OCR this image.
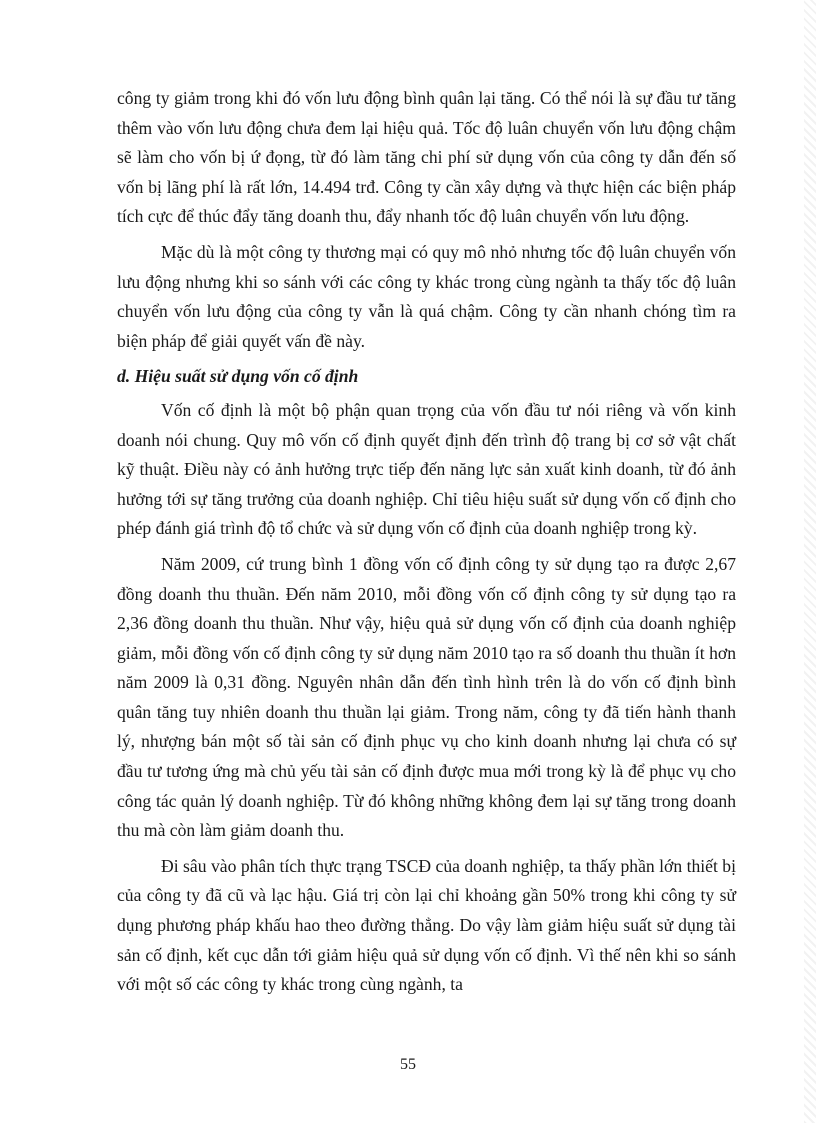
công ty giảm trong khi đó vốn lưu động bình quân lại tăng. Có thể nói là sự đầu tư tăng thêm vào vốn lưu động chưa đem lại hiệu quả. Tốc độ luân chuyển vốn lưu động chậm sẽ làm cho vốn bị ứ đọng, từ đó làm tăng chi phí sử dụng vốn của công ty dẫn đến số vốn bị lãng phí là rất lớn, 14.494 trđ. Công ty cần xây dựng và thực hiện các biện pháp tích cực để thúc đẩy tăng doanh thu, đẩy nhanh tốc độ luân chuyển vốn lưu động.

Mặc dù là một công ty thương mại có quy mô nhỏ nhưng tốc độ luân chuyển vốn lưu động nhưng khi so sánh với các công ty khác trong cùng ngành ta thấy tốc độ luân chuyển vốn lưu động của công ty vẫn là quá chậm. Công ty cần nhanh chóng tìm ra biện pháp để giải quyết vấn đề này.

d. Hiệu suất sử dụng vốn cố định

Vốn cố định là một bộ phận quan trọng của vốn đầu tư nói riêng và vốn kinh doanh nói chung. Quy mô vốn cố định quyết định đến trình độ trang bị cơ sở vật chất kỹ thuật. Điều này có ảnh hưởng trực tiếp đến năng lực sản xuất kinh doanh, từ đó ảnh hưởng tới sự tăng trưởng của doanh nghiệp. Chỉ tiêu hiệu suất sử dụng vốn cố định cho phép đánh giá trình độ tổ chức và sử dụng vốn cố định của doanh nghiệp trong kỳ.

Năm 2009, cứ trung bình 1 đồng vốn cố định công ty sử dụng tạo ra được 2,67 đồng doanh thu thuần. Đến năm 2010, mỗi đồng vốn cố định công ty sử dụng tạo ra 2,36 đồng doanh thu thuần. Như vậy, hiệu quả sử dụng vốn cố định của doanh nghiệp giảm, mỗi đồng vốn cố định công ty sử dụng năm 2010 tạo ra số doanh thu thuần ít hơn năm 2009 là 0,31 đồng. Nguyên nhân dẫn đến tình hình trên là do vốn cố định bình quân tăng tuy nhiên doanh thu thuần lại giảm. Trong năm, công ty đã tiến hành thanh lý, nhượng bán một số tài sản cố định phục vụ cho kinh doanh nhưng lại chưa có sự đầu tư tương ứng mà chủ yếu tài sản cố định được mua mới trong kỳ là để phục vụ cho công tác quản lý doanh nghiệp. Từ đó không những không đem lại sự tăng trong doanh thu mà còn làm giảm doanh thu.

Đi sâu vào phân tích thực trạng TSCĐ của doanh nghiệp, ta thấy phần lớn thiết bị của công ty đã cũ và lạc hậu. Giá trị còn lại chỉ khoảng gần 50% trong khi công ty sử dụng phương pháp khấu hao theo đường thẳng. Do vậy làm giảm hiệu suất sử dụng tài sản cố định, kết cục dẫn tới giảm hiệu quả sử dụng vốn cố định. Vì thế nên khi so sánh với một số các công ty khác trong cùng ngành, ta

55
